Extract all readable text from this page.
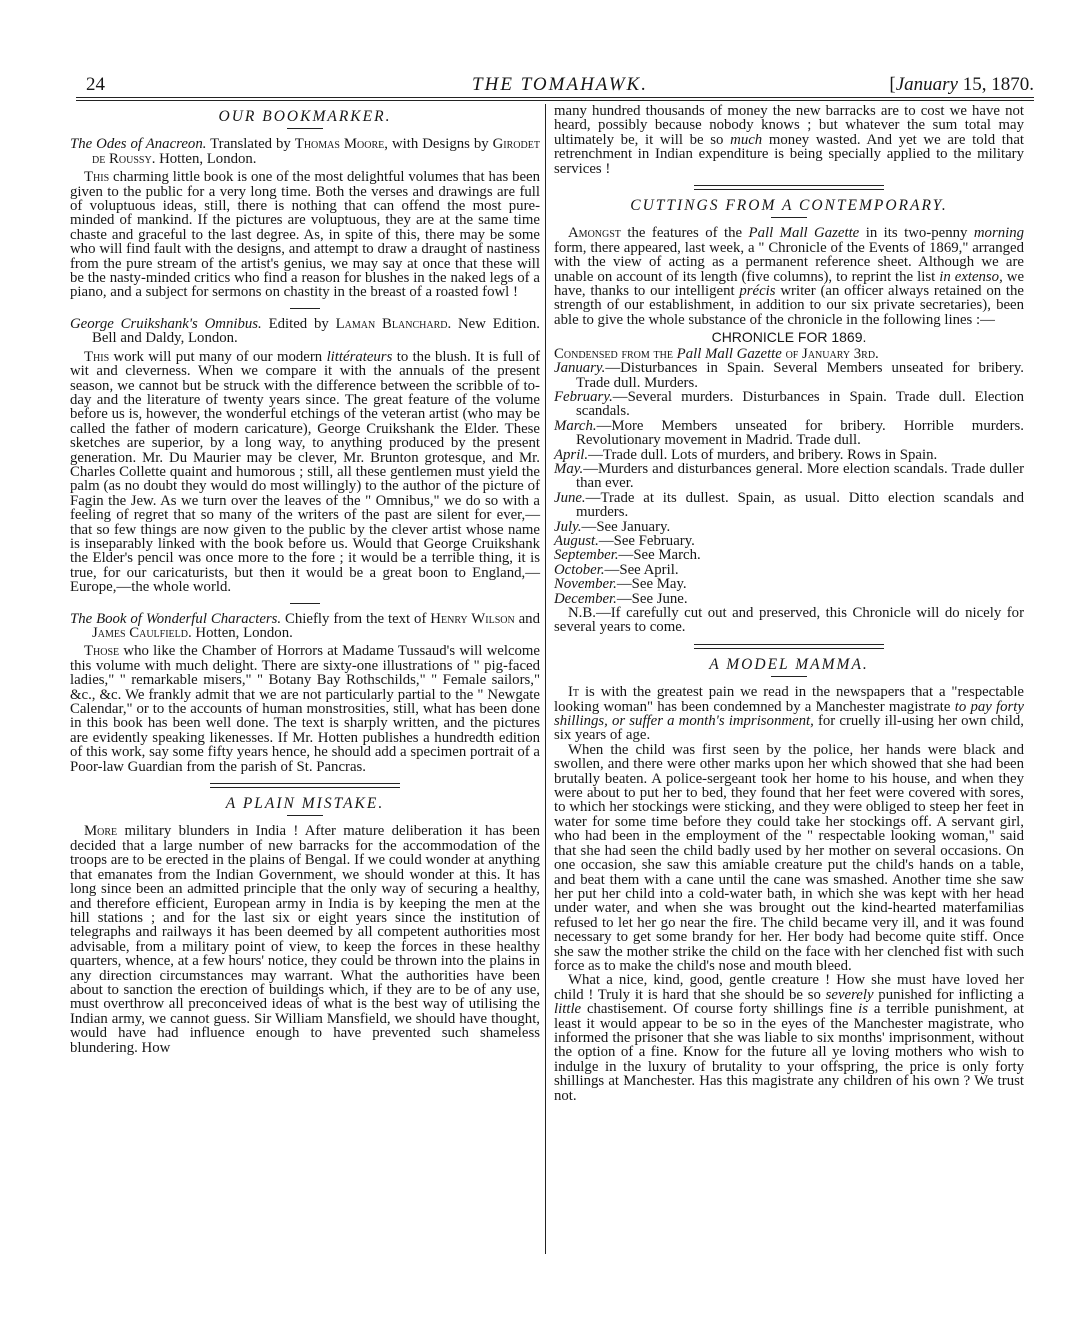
24	THE TOMAHAWK.	[January 15, 1870.
OUR BOOKMARKER.

The Odes of Anacreon. Translated by Thomas Moore, with Designs by Girodet de Roussy. Hotten, London.

This charming little book is one of the most delightful volumes that has been given to the public for a very long time. Both the verses and drawings are full of voluptuous ideas, still, there is nothing that can offend the most pure-minded of mankind. If the pictures are voluptuous, they are at the same time chaste and graceful to the last degree. As, in spite of this, there may be some who will find fault with the designs, and attempt to draw a draught of nastiness from the pure stream of the artist's genius, we may say at once that these will be the nasty-minded critics who find a reason for blushes in the naked legs of a piano, and a subject for sermons on chastity in the breast of a roasted fowl !

George Cruikshank's Omnibus. Edited by Laman Blanchard. New Edition. Bell and Daldy, London.

This work will put many of our modern littérateurs to the blush. It is full of wit and cleverness. When we compare it with the annuals of the present season, we cannot but be struck with the difference between the scribble of to-day and the literature of twenty years since. The great feature of the volume before us is, however, the wonderful etchings of the veteran artist (who may be called the father of modern caricature), George Cruikshank the Elder. These sketches are superior, by a long way, to anything produced by the present generation. Mr. Du Maurier may be clever, Mr. Brunton grotesque, and Mr. Charles Collette quaint and humorous ; still, all these gentlemen must yield the palm (as no doubt they would do most willingly) to the author of the picture of Fagin the Jew. As we turn over the leaves of the " Omnibus," we do so with a feeling of regret that so many of the writers of the past are silent for ever,—that so few things are now given to the public by the clever artist whose name is inseparably linked with the book before us. Would that George Cruikshank the Elder's pencil was once more to the fore ; it would be a terrible thing, it is true, for our caricaturists, but then it would be a great boon to England,—Europe,—the whole world.

The Book of Wonderful Characters. Chiefly from the text of Henry Wilson and James Caulfield. Hotten, London.

Those who like the Chamber of Horrors at Madame Tussaud's will welcome this volume with much delight. There are sixty-one illustrations of " pig-faced ladies," " remarkable misers," " Botany Bay Rothschilds," " Female sailors," &c., &c. We frankly admit that we are not particularly partial to the " Newgate Calendar," or to the accounts of human monstrosities, still, what has been done in this book has been well done. The text is sharply written, and the pictures are evidently speaking likenesses. If Mr. Hotten publishes a hundredth edition of this work, say some fifty years hence, he should add a specimen portrait of a Poor-law Guardian from the parish of St. Pancras.

A PLAIN MISTAKE.

More military blunders in India ! After mature deliberation it has been decided that a large number of new barracks for the accommodation of the troops are to be erected in the plains of Bengal. If we could wonder at anything that emanates from the Indian Government, we should wonder at this. It has long since been an admitted principle that the only way of securing a healthy, and therefore efficient, European army in India is by keeping the men at the hill stations ; and for the last six or eight years since the institution of telegraphs and railways it has been deemed by all competent authorities most advisable, from a military point of view, to keep the forces in these healthy quarters, whence, at a few hours' notice, they could be thrown into the plains in any direction circumstances may warrant. What the authorities have been about to sanction the erection of buildings which, if they are to be of any use, must overthrow all preconceived ideas of what is the best way of utilising the Indian army, we cannot guess. Sir William Mansfield, we should have thought, would have had influence enough to have prevented such shameless blundering. How

many hundred thousands of money the new barracks are to cost we have not heard, possibly because nobody knows ; but whatever the sum total may ultimately be, it will be so much money wasted. And yet we are told that retrenchment in Indian expenditure is being specially applied to the military services !

CUTTINGS FROM A CONTEMPORARY.

Amongst the features of the Pall Mall Gazette in its two-penny morning form, there appeared, last week, a " Chronicle of the Events of 1869," arranged with the view of acting as a permanent reference sheet. Although we are unable on account of its length (five columns), to reprint the list in extenso, we have, thanks to our intelligent précis writer (an officer always retained on the strength of our establishment, in addition to our six private secretaries), been able to give the whole substance of the chronicle in the following lines :—

CHRONICLE FOR 1869.

Condensed from the Pall Mall Gazette of January 3rd.

January.—Disturbances in Spain. Several Members unseated for bribery. Trade dull. Murders.

February.—Several murders. Disturbances in Spain. Trade dull. Election scandals.

March.—More Members unseated for bribery. Horrible murders. Revolutionary movement in Madrid. Trade dull.

April.—Trade dull. Lots of murders, and bribery. Rows in Spain.

May.—Murders and disturbances general. More election scandals. Trade duller than ever.

June.—Trade at its dullest. Spain, as usual. Ditto election scandals and murders.

July.—See January.

August.—See February.

September.—See March.

October.—See April.

November.—See May.

December.—See June.

N.B.—If carefully cut out and preserved, this Chronicle will do nicely for several years to come.

A MODEL MAMMA.

It is with the greatest pain we read in the newspapers that a "respectable looking woman" has been condemned by a Manchester magistrate to pay forty shillings, or suffer a month's imprisonment, for cruelly ill-using her own child, six years of age.

When the child was first seen by the police, her hands were black and swollen, and there were other marks upon her which showed that she had been brutally beaten. A police-sergeant took her home to his house, and when they were about to put her to bed, they found that her feet were covered with sores, to which her stockings were sticking, and they were obliged to steep her feet in water for some time before they could take her stockings off. A servant girl, who had been in the employment of the " respectable looking woman," said that she had seen the child badly used by her mother on several occasions. On one occasion, she saw this amiable creature put the child's hands on a table, and beat them with a cane until the cane was smashed. Another time she saw her put her child into a cold-water bath, in which she was kept with her head under water, and when she was brought out the kind-hearted materfamilias refused to let her go near the fire. The child became very ill, and it was found necessary to get some brandy for her. Her body had become quite stiff. Once she saw the mother strike the child on the face with her clenched fist with such force as to make the child's nose and mouth bleed.

What a nice, kind, good, gentle creature ! How she must have loved her child ! Truly it is hard that she should be so severely punished for inflicting a little chastisement. Of course forty shillings fine is a terrible punishment, at least it would appear to be so in the eyes of the Manchester magistrate, who informed the prisoner that she was liable to six months' imprisonment, without the option of a fine. Know for the future all ye loving mothers who wish to indulge in the luxury of brutality to your offspring, the price is only forty shillings at Manchester. Has this magistrate any children of his own ? We trust not.
